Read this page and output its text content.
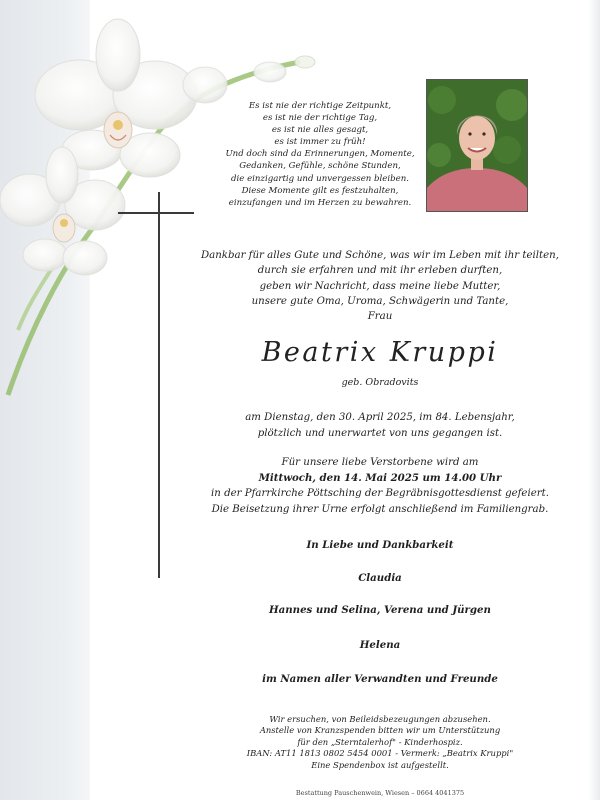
Es ist nie der richtige Zeitpunkt,
es ist nie der richtige Tag,
es ist nie alles gesagt,
es ist immer zu früh!
Und doch sind da Erinnerungen, Momente,
Gedanken, Gefühle, schöne Stunden,
die einzigartig und unvergessen bleiben.
Diese Momente gilt es festzuhalten,
einzufangen und im Herzen zu bewahren.
Dankbar für alles Gute und Schöne, was wir im Leben mit ihr teilten,
durch sie erfahren und mit ihr erleben durften,
geben wir Nachricht, dass meine liebe Mutter,
unsere gute Oma, Uroma, Schwägerin und Tante,
Frau
Beatrix Kruppi
geb. Obradovits
am Dienstag, den 30. April 2025, im 84. Lebensjahr,
plötzlich und unerwartet von uns gegangen ist.
Für unsere liebe Verstorbene wird am
Mittwoch, den 14. Mai 2025 um 14.00 Uhr
in der Pfarrkirche Pöttsching der Begräbnisgottesdienst gefeiert.
Die Beisetzung ihrer Urne erfolgt anschließend im Familiengrab.
In Liebe und Dankbarkeit
Claudia
Hannes und Selina, Verena und Jürgen
Helena
im Namen aller Verwandten und Freunde
Wir ersuchen, von Beileidsbezeugungen abzusehen.
Anstelle von Kranzspenden bitten wir um Unterstützung
für den „Sterntalerhof" - Kinderhospiz.
IBAN: AT11 1813 0802 5454 0001 - Vermerk: „Beatrix Kruppi"
Eine Spendenbox ist aufgestellt.
Bestattung Pauschenwein, Wiesen – 0664 4041375
